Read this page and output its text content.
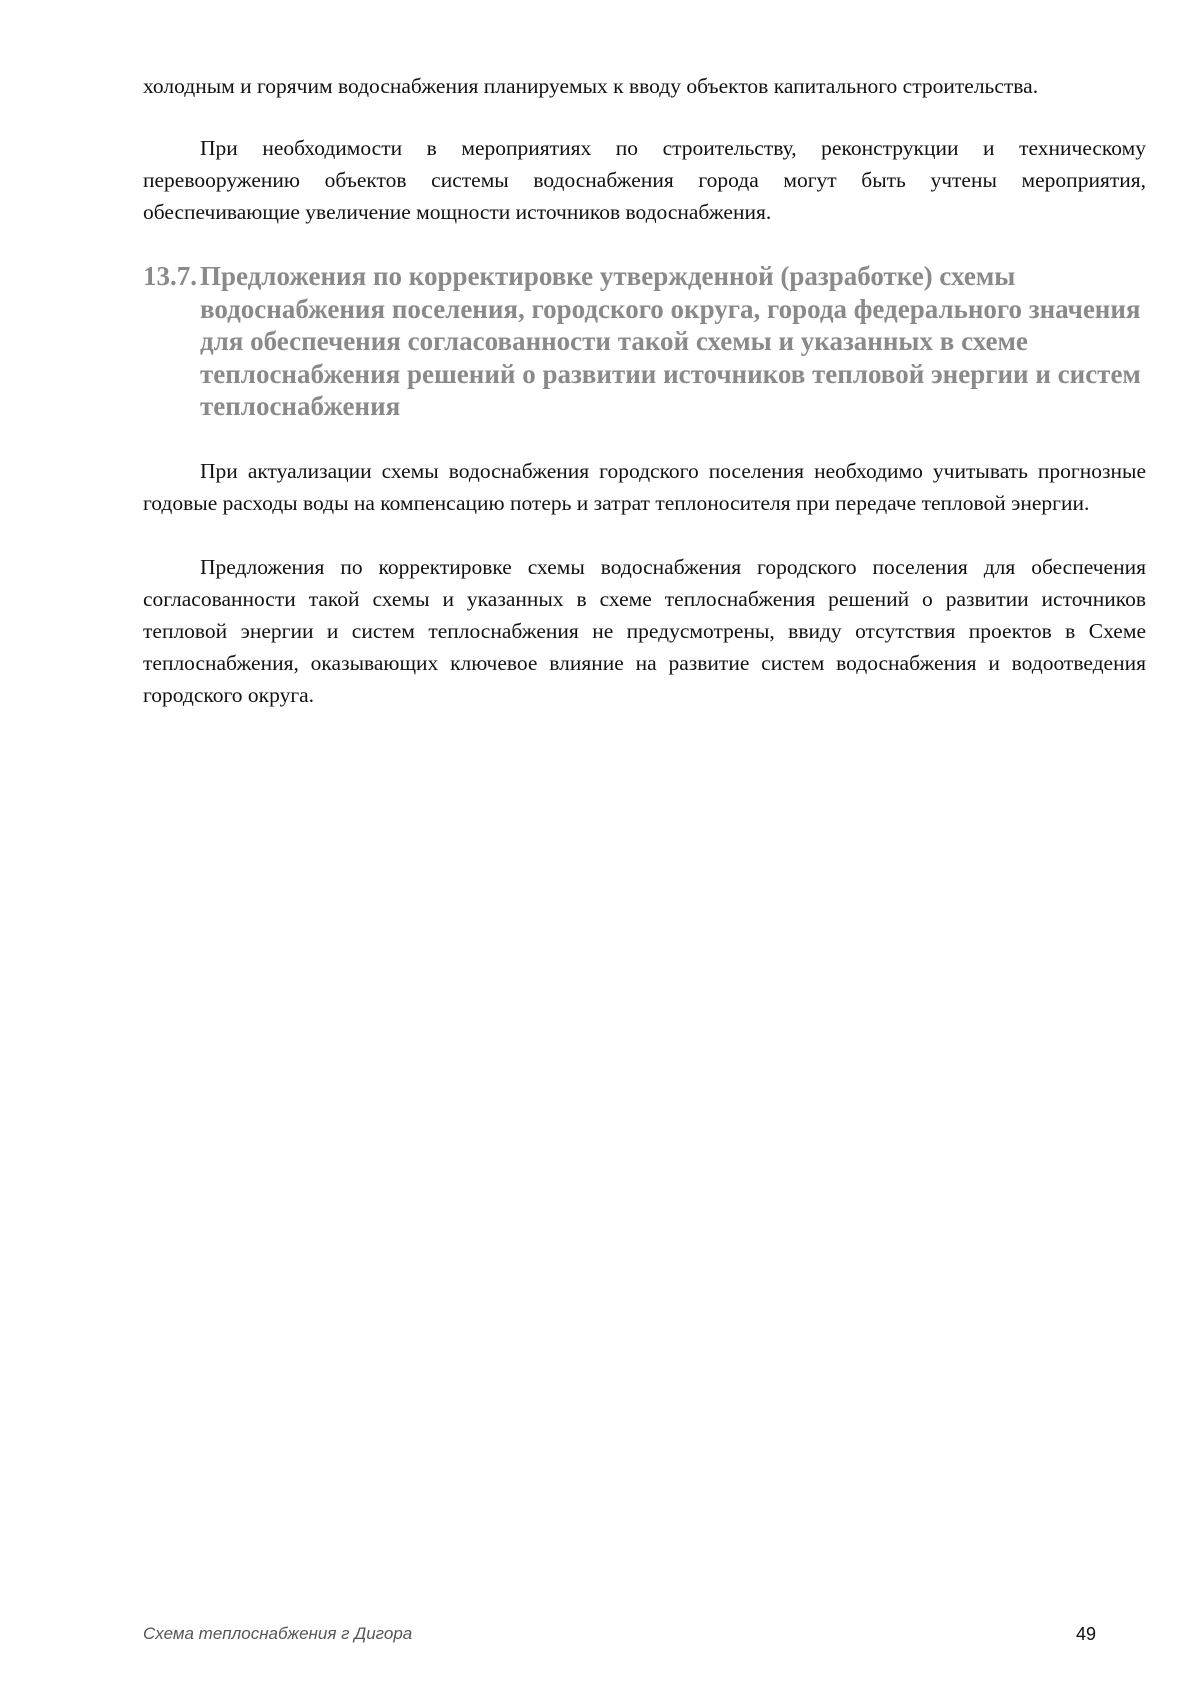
холодным и горячим водоснабжения планируемых к вводу объектов капитального строительства.

При необходимости в мероприятиях по строительству, реконструкции и техническому перевооружению объектов системы водоснабжения города могут быть учтены мероприятия, обеспечивающие увеличение мощности источников водоснабжения.

13.7. Предложения по корректировке утвержденной (разработке) схемы водоснабжения поселения, городского округа, города федерального значения для обеспечения согласованности такой схемы и указанных в схеме теплоснабжения решений о развитии источников тепловой энергии и систем теплоснабжения

При актуализации схемы водоснабжения городского поселения необходимо учитывать прогнозные годовые расходы воды на компенсацию потерь и затрат теплоносителя при передаче тепловой энергии.

Предложения по корректировке схемы водоснабжения городского поселения для обеспечения согласованности такой схемы и указанных в схеме теплоснабжения решений о развитии источников тепловой энергии и систем теплоснабжения не предусмотрены, ввиду отсутствия проектов в Схеме теплоснабжения, оказывающих ключевое влияние на развитие систем водоснабжения и водоотведения городского округа.

Схема теплоснабжения г Дигора	49
